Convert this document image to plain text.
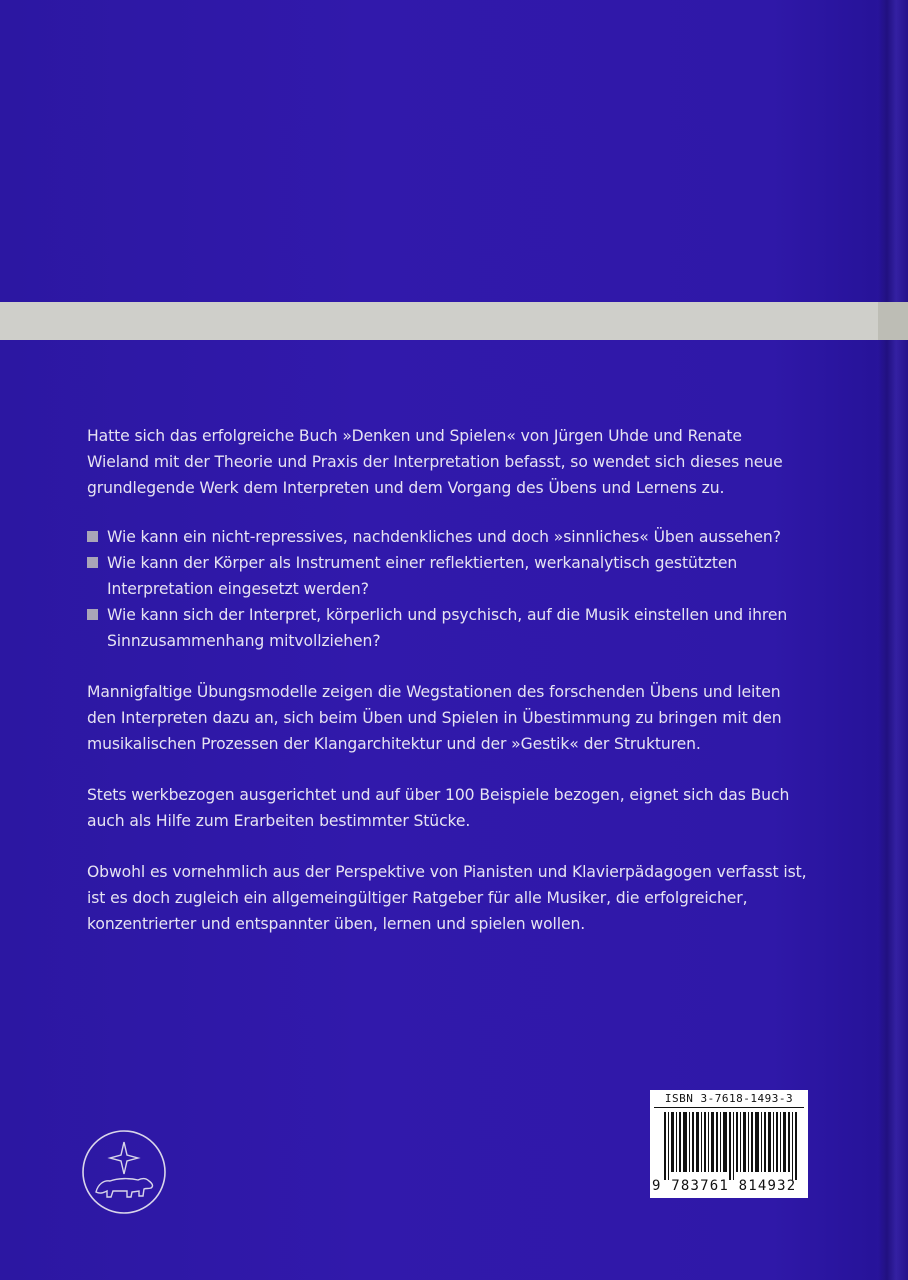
Hatte sich das erfolgreiche Buch »Denken und Spielen« von Jürgen Uhde und Renate Wieland mit der Theorie und Praxis der Interpretation befasst, so wendet sich dieses neue grundlegende Werk dem Interpreten und dem Vorgang des Übens und Lernens zu.

Wie kann ein nicht-repressives, nachdenkliches und doch »sinnliches« Üben aussehen?

Wie kann der Körper als Instrument einer reflektierten, werkanalytisch gestützten Interpretation eingesetzt werden?

Wie kann sich der Interpret, körperlich und psychisch, auf die Musik einstellen und ihren Sinnzusammenhang mitvollziehen?

Mannigfaltige Übungsmodelle zeigen die Wegstationen des forschenden Übens und leiten den Interpreten dazu an, sich beim Üben und Spielen in Übestimmung zu bringen mit den musikalischen Prozessen der Klangarchitektur und der »Gestik« der Strukturen.

Stets werkbezogen ausgerichtet und auf über 100 Beispiele bezogen, eignet sich das Buch auch als Hilfe zum Erarbeiten bestimmter Stücke.

Obwohl es vornehmlich aus der Perspektive von Pianisten und Klavierpädagogen verfasst ist, ist es doch zugleich ein allgemeingültiger Ratgeber für alle Musiker, die erfolgreicher, konzentrierter und entspannter üben, lernen und spielen wollen.

ISBN 3-7618-1493-3
9 783761 814932
